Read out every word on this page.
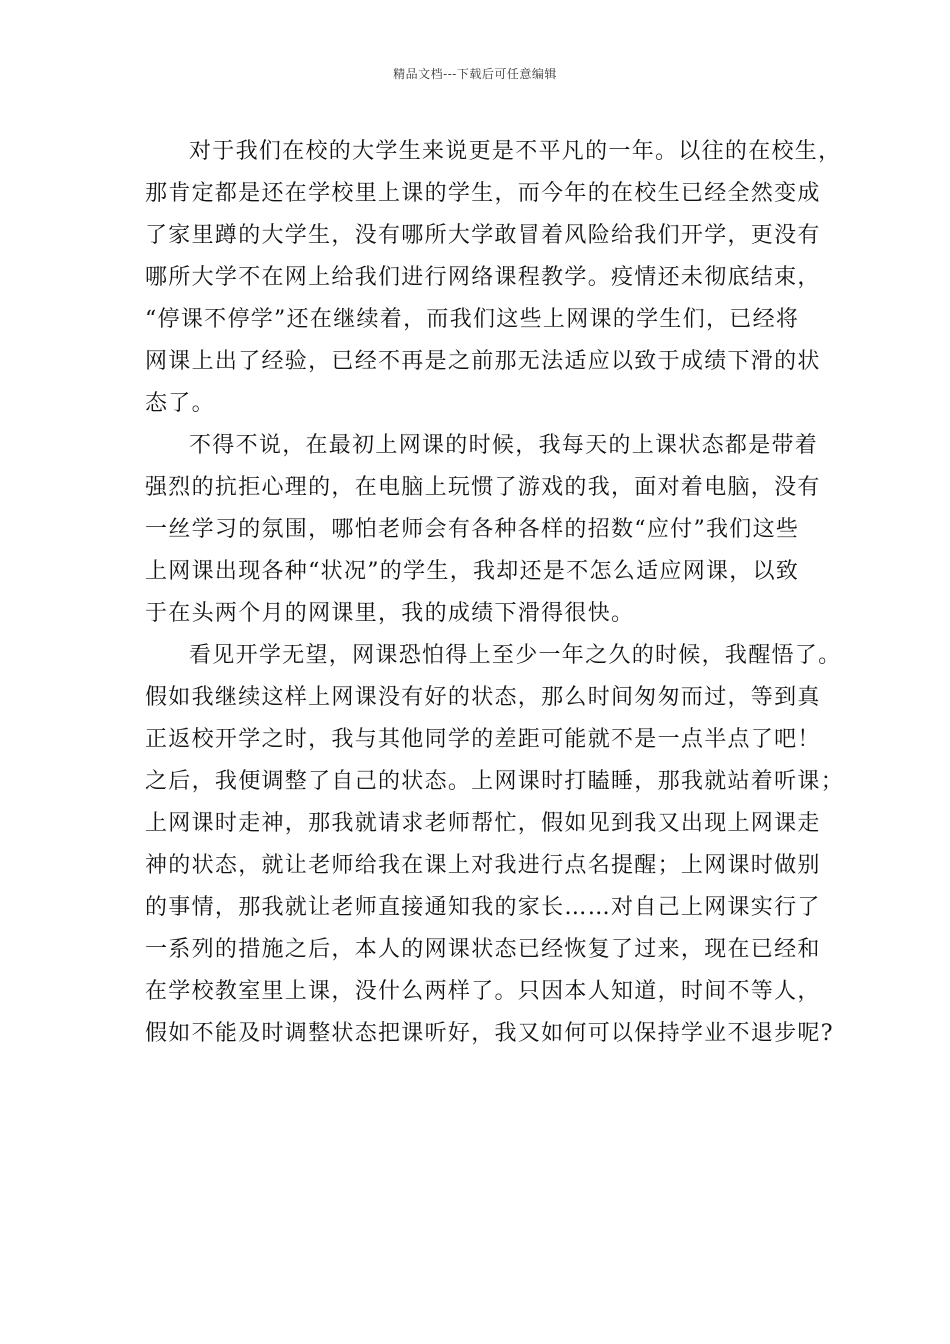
精品文档---下载后可任意编辑

对于我们在校的大学生来说更是不平凡的一年。以往的在校生，
那肯定都是还在学校里上课的学生，而今年的在校生已经全然变成
了家里蹲的大学生，没有哪所大学敢冒着风险给我们开学，更没有
哪所大学不在网上给我们进行网络课程教学。疫情还未彻底结束，
“停课不停学”还在继续着，而我们这些上网课的学生们，已经将
网课上出了经验，已经不再是之前那无法适应以致于成绩下滑的状
态了。

不得不说，在最初上网课的时候，我每天的上课状态都是带着
强烈的抗拒心理的，在电脑上玩惯了游戏的我，面对着电脑，没有
一丝学习的氛围，哪怕老师会有各种各样的招数“应付”我们这些
上网课出现各种“状况”的学生，我却还是不怎么适应网课，以致
于在头两个月的网课里，我的成绩下滑得很快。

看见开学无望，网课恐怕得上至少一年之久的时候，我醒悟了。
假如我继续这样上网课没有好的状态，那么时间匆匆而过，等到真
正返校开学之时，我与其他同学的差距可能就不是一点半点了吧！
之后，我便调整了自己的状态。上网课时打瞌睡，那我就站着听课；
上网课时走神，那我就请求老师帮忙，假如见到我又出现上网课走
神的状态，就让老师给我在课上对我进行点名提醒；上网课时做别
的事情，那我就让老师直接通知我的家长……对自己上网课实行了
一系列的措施之后，本人的网课状态已经恢复了过来，现在已经和
在学校教室里上课，没什么两样了。只因本人知道，时间不等人，
假如不能及时调整状态把课听好，我又如何可以保持学业不退步呢?
